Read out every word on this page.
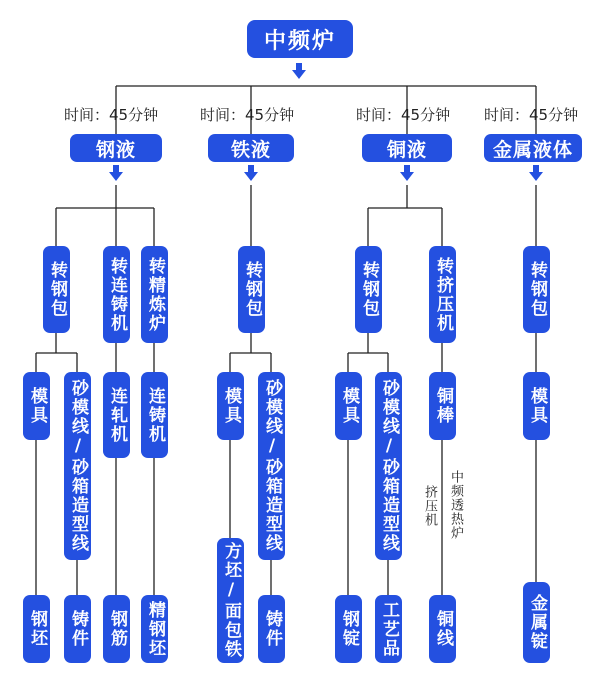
中频炉
时间：45分钟	时间：45分钟	时间：45分钟 时间：45分钟
钢液	铁液	铜液	金属液体
转钢包 转连铸机 转精炼炉	转钢包	转钢包	转挤压机	转钢包
模具 砂模线/砂箱造型线 连轧机 连铸机	模具 砂模线/砂箱造型线	模具 砂模线/砂箱造型线 铜棒	模具
挤压机 中频透热炉
钢坯 铸件 钢筋 精钢坯	方坯/面包铁 铸件	钢锭 工艺品 铜线	金属锭
